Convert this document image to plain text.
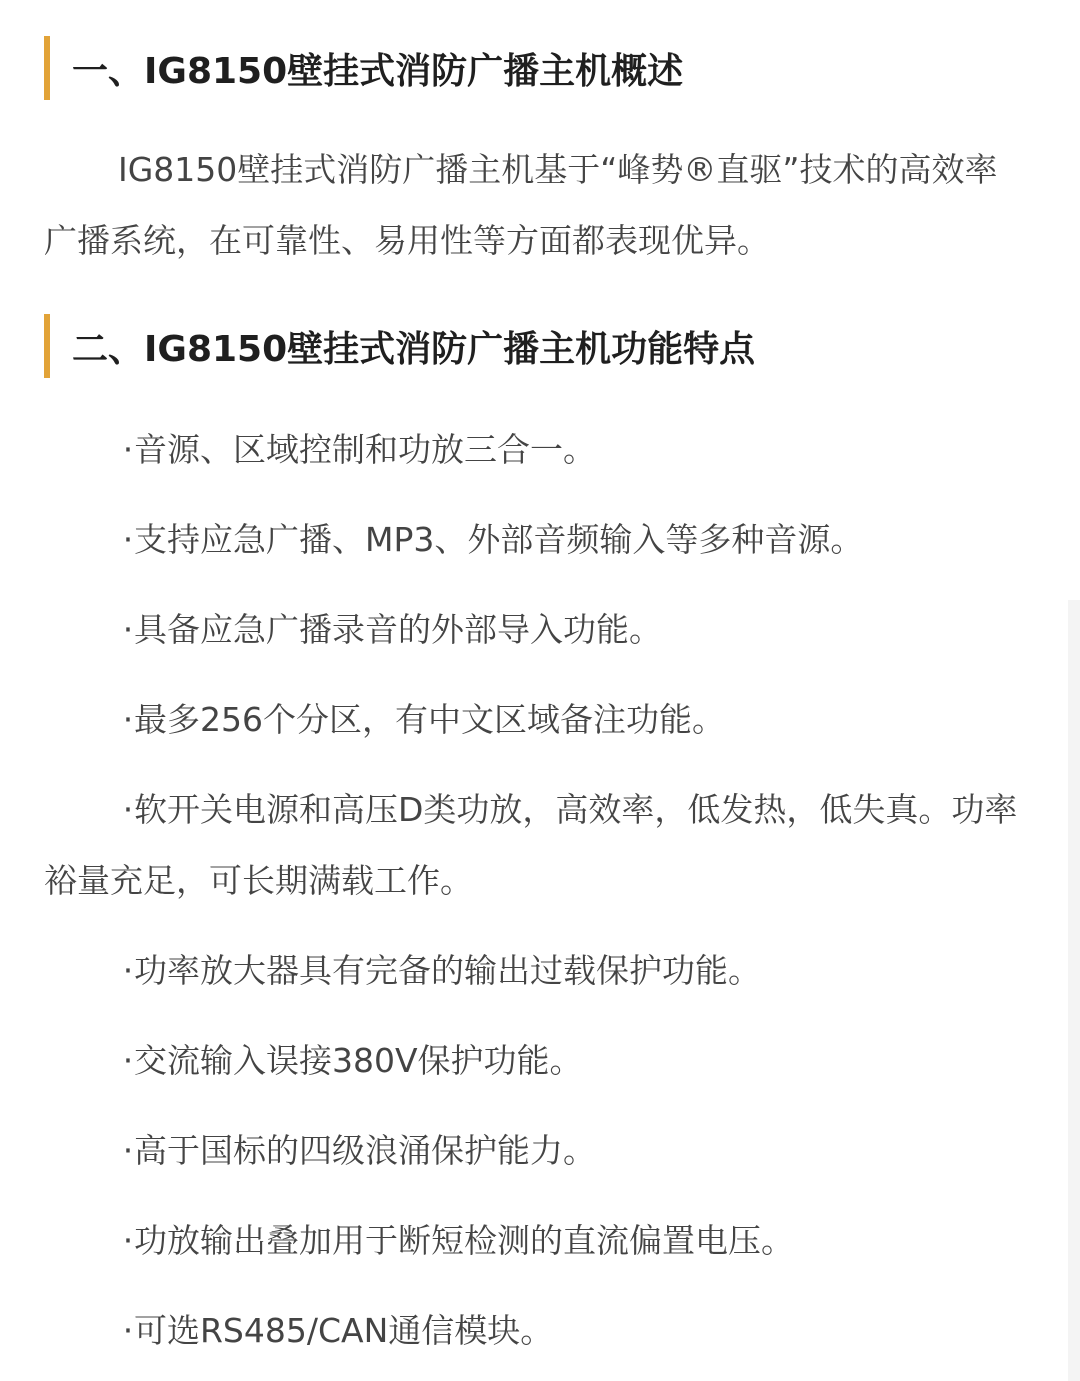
一、IG8150壁挂式消防广播主机概述

IG8150壁挂式消防广播主机基于“峰势®直驱”技术的高效率广播系统，在可靠性、易用性等方面都表现优异。

二、IG8150壁挂式消防广播主机功能特点

·音源、区域控制和功放三合一。

·支持应急广播、MP3、外部音频输入等多种音源。

·具备应急广播录音的外部导入功能。

·最多256个分区，有中文区域备注功能。

·软开关电源和高压D类功放，高效率，低发热，低失真。功率裕量充足，可长期满载工作。

·功率放大器具有完备的输出过载保护功能。

·交流输入误接380V保护功能。

·高于国标的四级浪涌保护能力。

·功放输出叠加用于断短检测的直流偏置电压。

·可选RS485/CAN通信模块。
